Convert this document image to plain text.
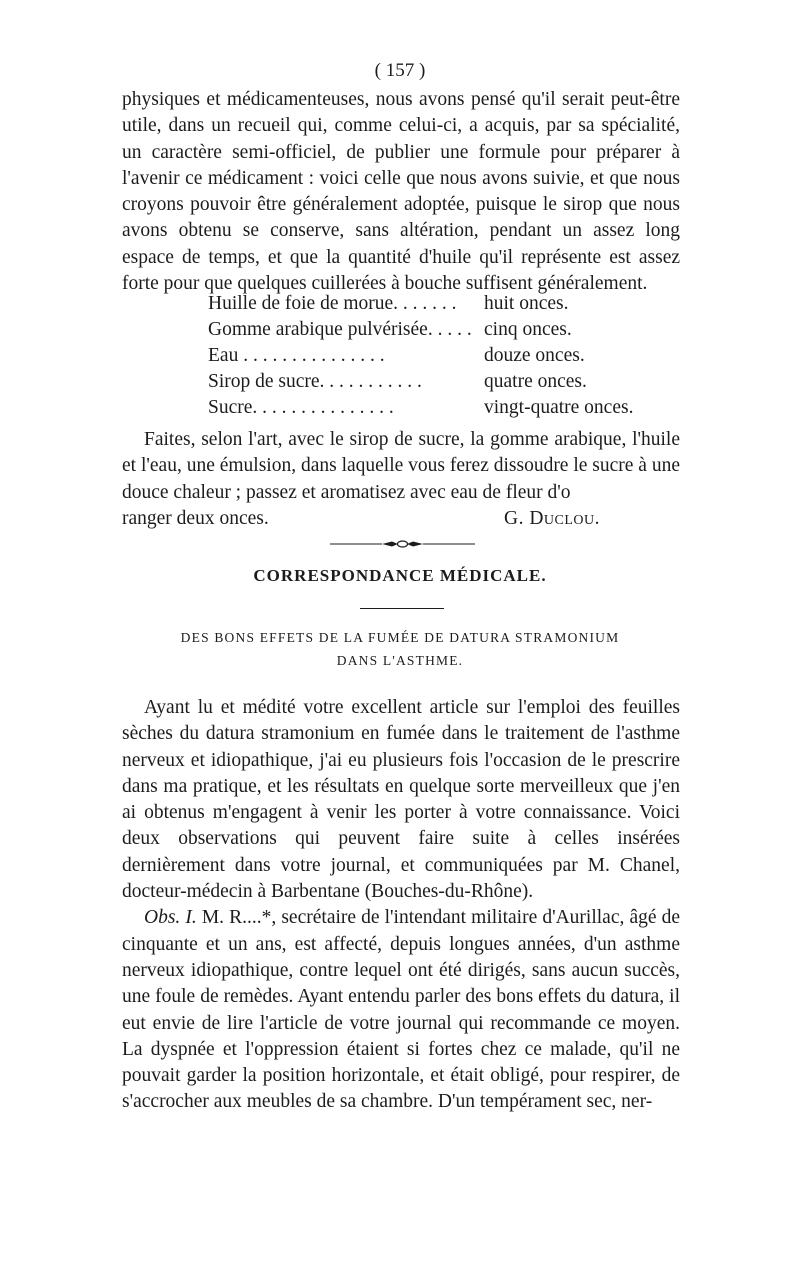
( 157 )

physiques et médicamenteuses, nous avons pensé qu'il serait peut-être utile, dans un recueil qui, comme celui-ci, a acquis, par sa spécialité, un caractère semi-officiel, de publier une formule pour préparer à l'avenir ce médicament : voici celle que nous avons suivie, et que nous croyons pouvoir être généralement adoptée, puisque le sirop que nous avons obtenu se conserve, sans altération, pendant un assez long espace de temps, et que la quantité d'huile qu'il représente est assez forte pour que quelques cuillerées à bouche suffisent généralement.

Huille de foie de morue. . . . . . .	huit onces.
Gomme arabique pulvérisée. . . . . cinq onces.
Eau . . . . . . . . . . . . . . .	douze onces.
Sirop de sucre. . . . . . . . . . .	quatre onces.
Sucre. . . . . . . . . . . . . . .	vingt-quatre onces.

Faites, selon l'art, avec le sirop de sucre, la gomme arabique, l'huile et l'eau, une émulsion, dans laquelle vous ferez dissoudre le sucre à une douce chaleur ; passez et aromatisez avec eau de fleur d'o

ranger deux onces.	G. Duclou.
CORRESPONDANCE MÉDICALE.
DES BONS EFFETS DE LA FUMÉE DE DATURA STRAMONIUM
DANS L'ASTHME.

Ayant lu et médité votre excellent article sur l'emploi des feuilles sèches du datura stramonium en fumée dans le traitement de l'asthme nerveux et idiopathique, j'ai eu plusieurs fois l'occasion de le prescrire dans ma pratique, et les résultats en quelque sorte merveilleux que j'en ai obtenus m'engagent à venir les porter à votre connaissance. Voici deux observations qui peuvent faire suite à celles insérées dernièrement dans votre journal, et communiquées par M. Chanel, docteur-médecin à Barbentane (Bouches-du-Rhône).

Obs. I. M. R....*, secrétaire de l'intendant militaire d'Aurillac, âgé de cinquante et un ans, est affecté, depuis longues années, d'un asthme nerveux idiopathique, contre lequel ont été dirigés, sans aucun succès, une foule de remèdes. Ayant entendu parler des bons effets du datura, il eut envie de lire l'article de votre journal qui recommande ce moyen. La dyspnée et l'oppression étaient si fortes chez ce malade, qu'il ne pouvait garder la position horizontale, et était obligé, pour respirer, de s'accrocher aux meubles de sa chambre. D'un tempérament sec, ner-
